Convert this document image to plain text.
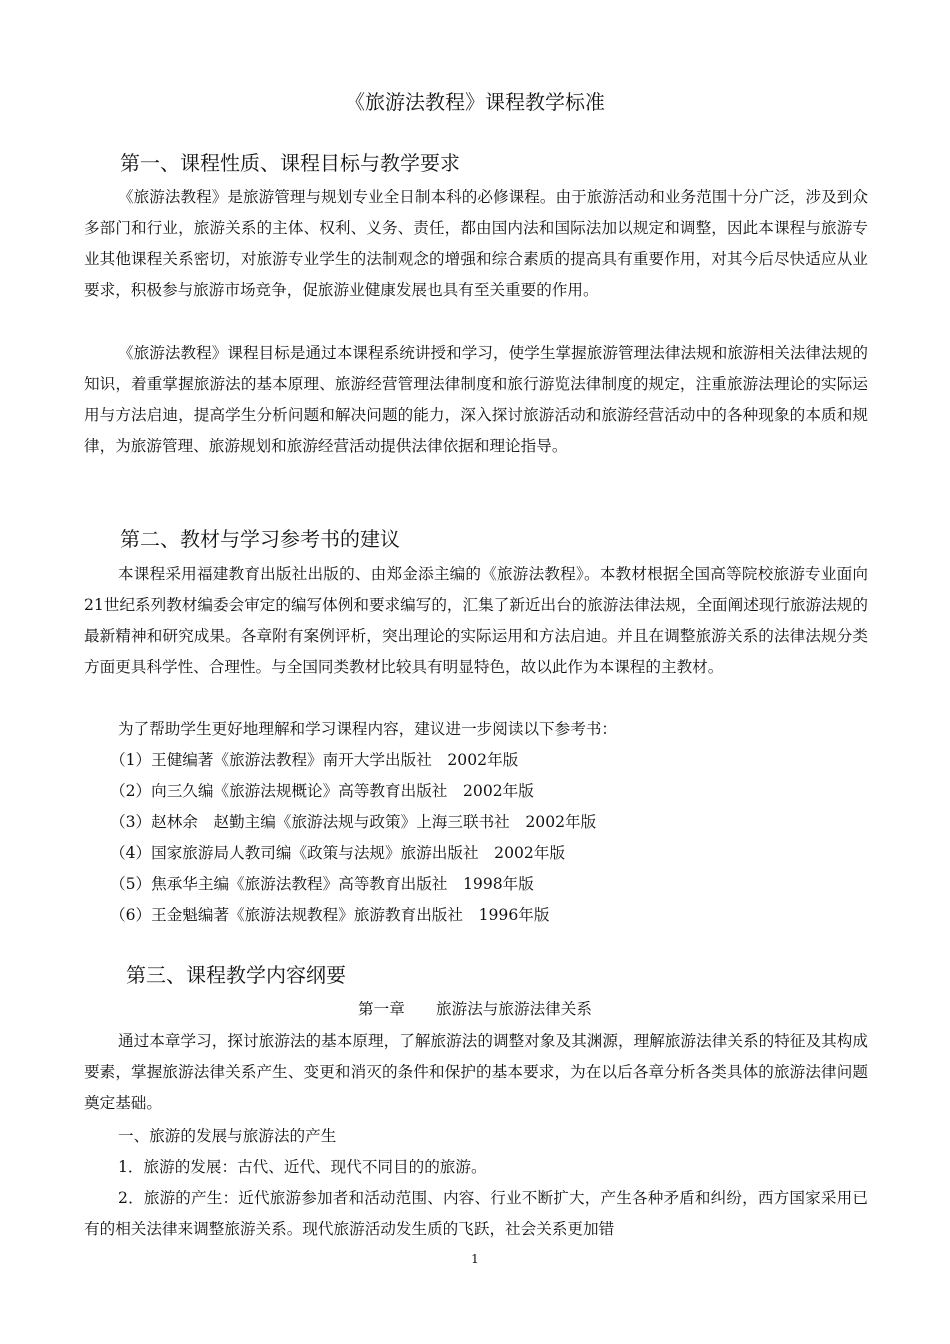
《旅游法教程》课程教学标准
第一、课程性质、课程目标与教学要求
《旅游法教程》是旅游管理与规划专业全日制本科的必修课程。由于旅游活动和业务范围十分广泛，涉及到众多部门和行业，旅游关系的主体、权利、义务、责任，都由国内法和国际法加以规定和调整，因此本课程与旅游专业其他课程关系密切，对旅游专业学生的法制观念的增强和综合素质的提高具有重要作用，对其今后尽快适应从业要求，积极参与旅游市场竞争，促旅游业健康发展也具有至关重要的作用。
《旅游法教程》课程目标是通过本课程系统讲授和学习，使学生掌握旅游管理法律法规和旅游相关法律法规的知识，着重掌握旅游法的基本原理、旅游经营管理法律制度和旅行游览法律制度的规定，注重旅游法理论的实际运用与方法启迪，提高学生分析问题和解决问题的能力，深入探讨旅游活动和旅游经营活动中的各种现象的本质和规律，为旅游管理、旅游规划和旅游经营活动提供法律依据和理论指导。
第二、教材与学习参考书的建议
本课程采用福建教育出版社出版的、由郑金添主编的《旅游法教程》。本教材根据全国高等院校旅游专业面向21世纪系列教材编委会审定的编写体例和要求编写的，汇集了新近出台的旅游法律法规，全面阐述现行旅游法规的最新精神和研究成果。各章附有案例评析，突出理论的实际运用和方法启迪。并且在调整旅游关系的法律法规分类方面更具科学性、合理性。与全国同类教材比较具有明显特色，故以此作为本课程的主教材。
为了帮助学生更好地理解和学习课程内容，建议进一步阅读以下参考书：
（1）王健编著《旅游法教程》南开大学出版社　2002年版
（2）向三久编《旅游法规概论》高等教育出版社　2002年版
（3）赵林余　赵勤主编《旅游法规与政策》上海三联书社　2002年版
（4）国家旅游局人教司编《政策与法规》旅游出版社　2002年版
（5）焦承华主编《旅游法教程》高等教育出版社　1998年版
（6）王金魁编著《旅游法规教程》旅游教育出版社　1996年版
第三、课程教学内容纲要
第一章　　旅游法与旅游法律关系
通过本章学习，探讨旅游法的基本原理，了解旅游法的调整对象及其渊源，理解旅游法律关系的特征及其构成要素，掌握旅游法律关系产生、变更和消灭的条件和保护的基本要求，为在以后各章分析各类具体的旅游法律问题奠定基础。
一、旅游的发展与旅游法的产生
1．旅游的发展：古代、近代、现代不同目的的旅游。
2．旅游的产生：近代旅游参加者和活动范围、内容、行业不断扩大，产生各种矛盾和纠纷，西方国家采用已有的相关法律来调整旅游关系。现代旅游活动发生质的飞跃，社会关系更加错
1
